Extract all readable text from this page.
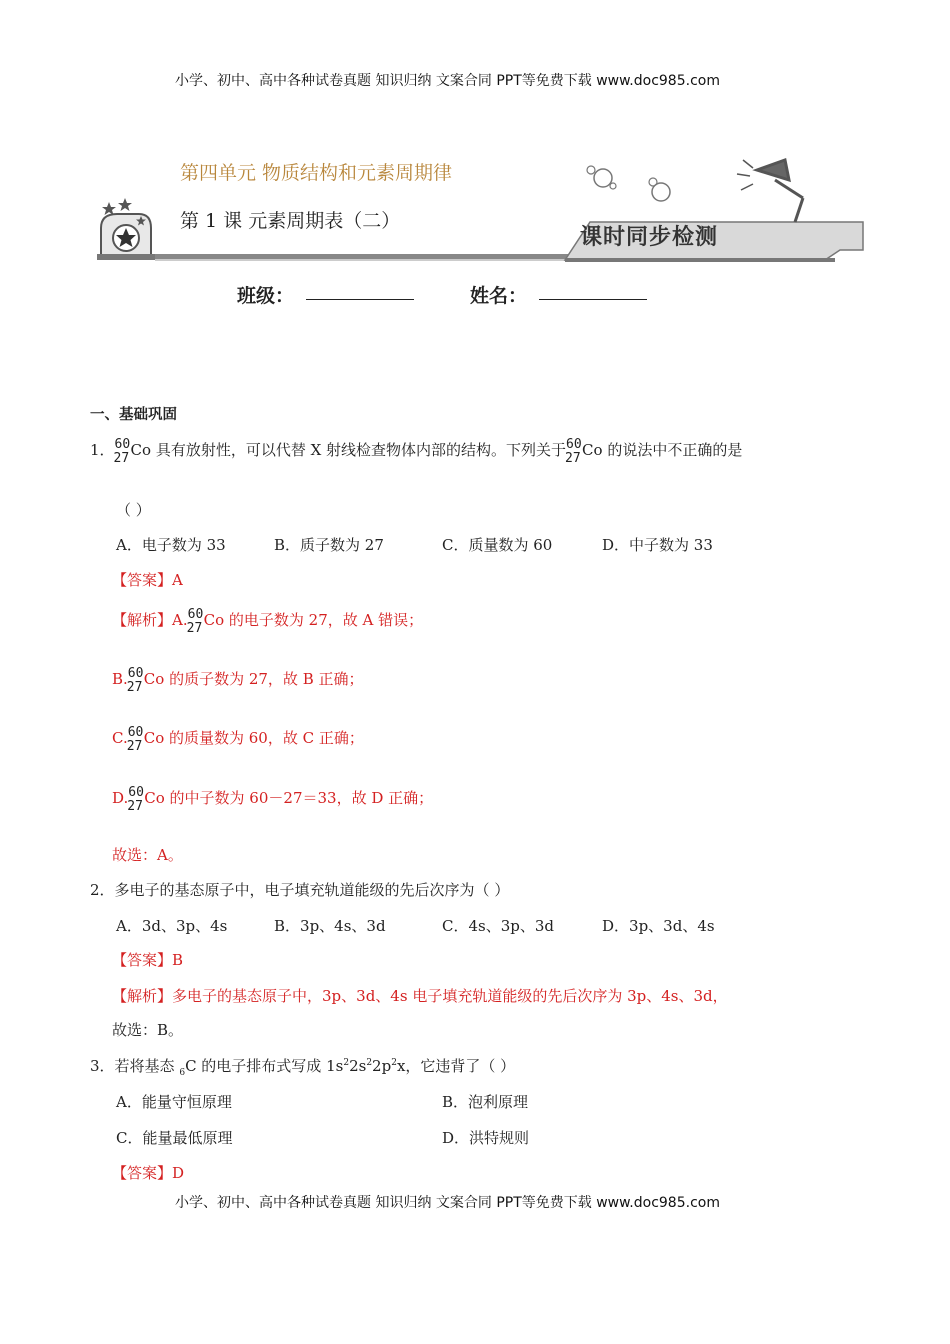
小学、初中、高中各种试卷真题 知识归纳 文案合同 PPT等免费下载 www.doc985.com
第四单元 物质结构和元素周期律
第 1 课 元素周期表（二）
课时同步检测
班级：	姓名：
一、基础巩固
1． 60
27 Co 具有放射性，可以代替 X 射线检查物体内部的结构。下列关于 60
27 Co 的说法中不正确的是
（ ）
A．电子数为 33	B．质子数为 27	C．质量数为 60	D．中子数为 33
【答案】A
【解析】A. 60
27 Co 的电子数为 27，故 A 错误；
B. 60
27 Co 的质子数为 27，故 B 正确；
C. 60
27 Co 的质量数为 60，故 C 正确；
D. 60
27 Co 的中子数为 60－27＝33，故 D 正确；
故选：A。
2．多电子的基态原子中，电子填充轨道能级的先后次序为（ ）
A．3d、3p、4s	B．3p、4s、3d	C．4s、3p、3d	D．3p、3d、4s
【答案】B
【解析】多电子的基态原子中，3p、3d、4s 电子填充轨道能级的先后次序为 3p、4s、3d，
故选：B。
3．若将基态 $_6$C 的电子排布式写成 $1s^22s^22p^2x$，它违背了（ ）
A．能量守恒原理	B．泡利原理
C．能量最低原理	D．洪特规则
【答案】D
小学、初中、高中各种试卷真题 知识归纳 文案合同 PPT等免费下载 www.doc985.com
